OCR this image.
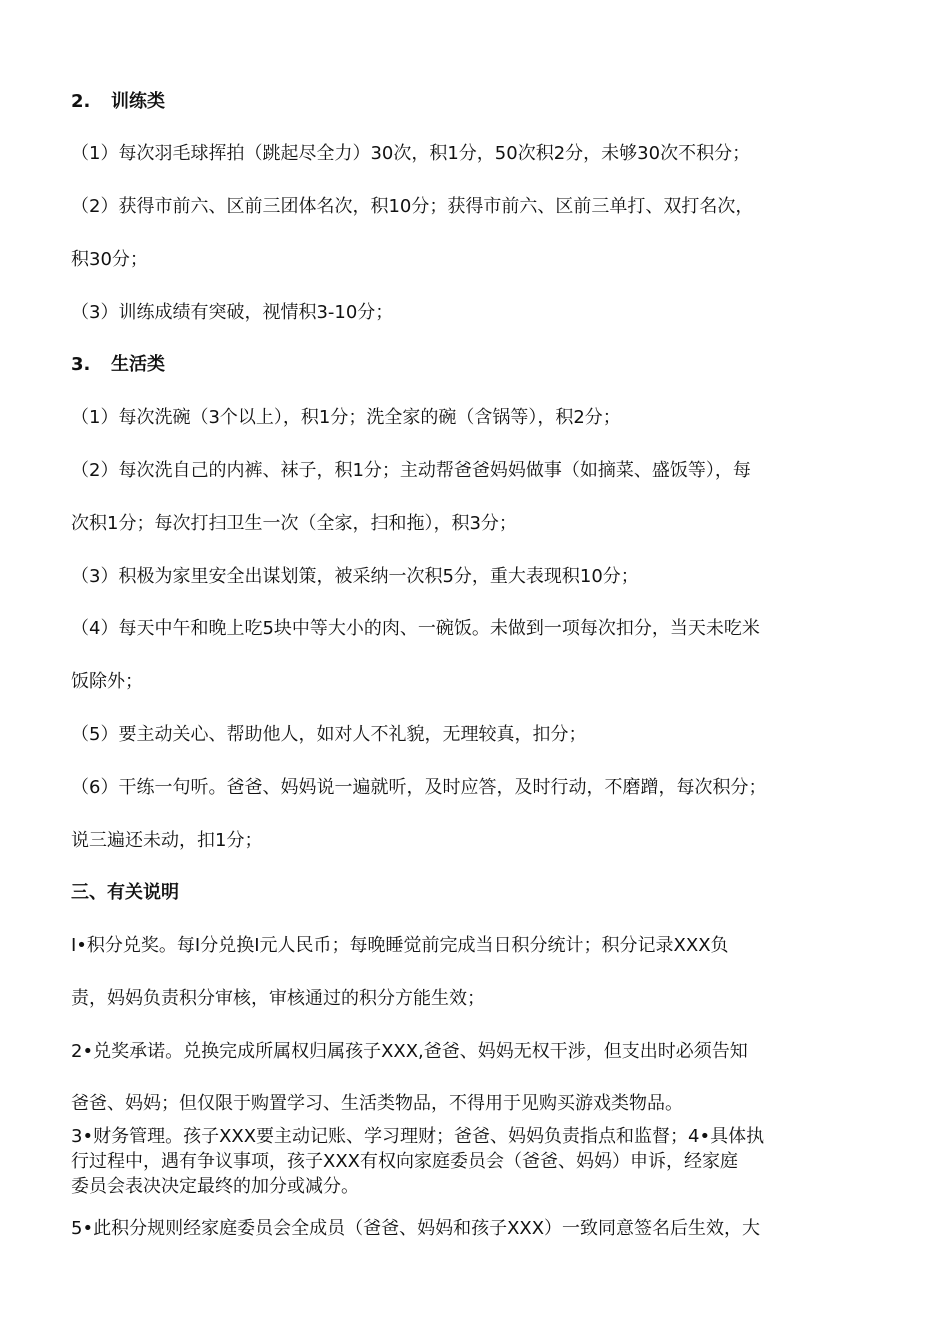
2. 训练类
（1）每次羽毛球挥拍（跳起尽全力）30次，积1分，50次积2分，未够30次不积分；
（2）获得市前六、区前三团体名次，积10分；获得市前六、区前三单打、双打名次，
积30分；
（3）训练成绩有突破，视情积3-10分；
3. 生活类
（1）每次洗碗（3个以上），积1分；洗全家的碗（含锅等），积2分；
（2）每次洗自己的内裤、袜子，积1分；主动帮爸爸妈妈做事（如摘菜、盛饭等），每
次积1分；每次打扫卫生一次（全家，扫和拖），积3分；
（3）积极为家里安全出谋划策，被采纳一次积5分，重大表现积10分；
（4）每天中午和晚上吃5块中等大小的肉、一碗饭。未做到一项每次扣分，当天未吃米
饭除外；
（5）要主动关心、帮助他人，如对人不礼貌，无理较真，扣分；
（6）干练一句听。爸爸、妈妈说一遍就听，及时应答，及时行动，不磨蹭，每次积分；
说三遍还未动，扣1分；
三、有关说明
I•积分兑奖。每I分兑换I元人民币；每晚睡觉前完成当日积分统计；积分记录XXX负
责，妈妈负责积分审核，审核通过的积分方能生效；
2•兑奖承诺。兑换完成所属权归属孩子XXX,爸爸、妈妈无权干涉，但支出时必须告知
爸爸、妈妈；但仅限于购置学习、生活类物品，不得用于见购买游戏类物品。
3•财务管理。孩子XXX要主动记账、学习理财；爸爸、妈妈负责指点和监督；4•具体执
行过程中，遇有争议事项，孩子XXX有权向家庭委员会（爸爸、妈妈）申诉，经家庭
委员会表决决定最终的加分或减分。
5•此积分规则经家庭委员会全成员（爸爸、妈妈和孩子XXX）一致同意签名后生效，大
